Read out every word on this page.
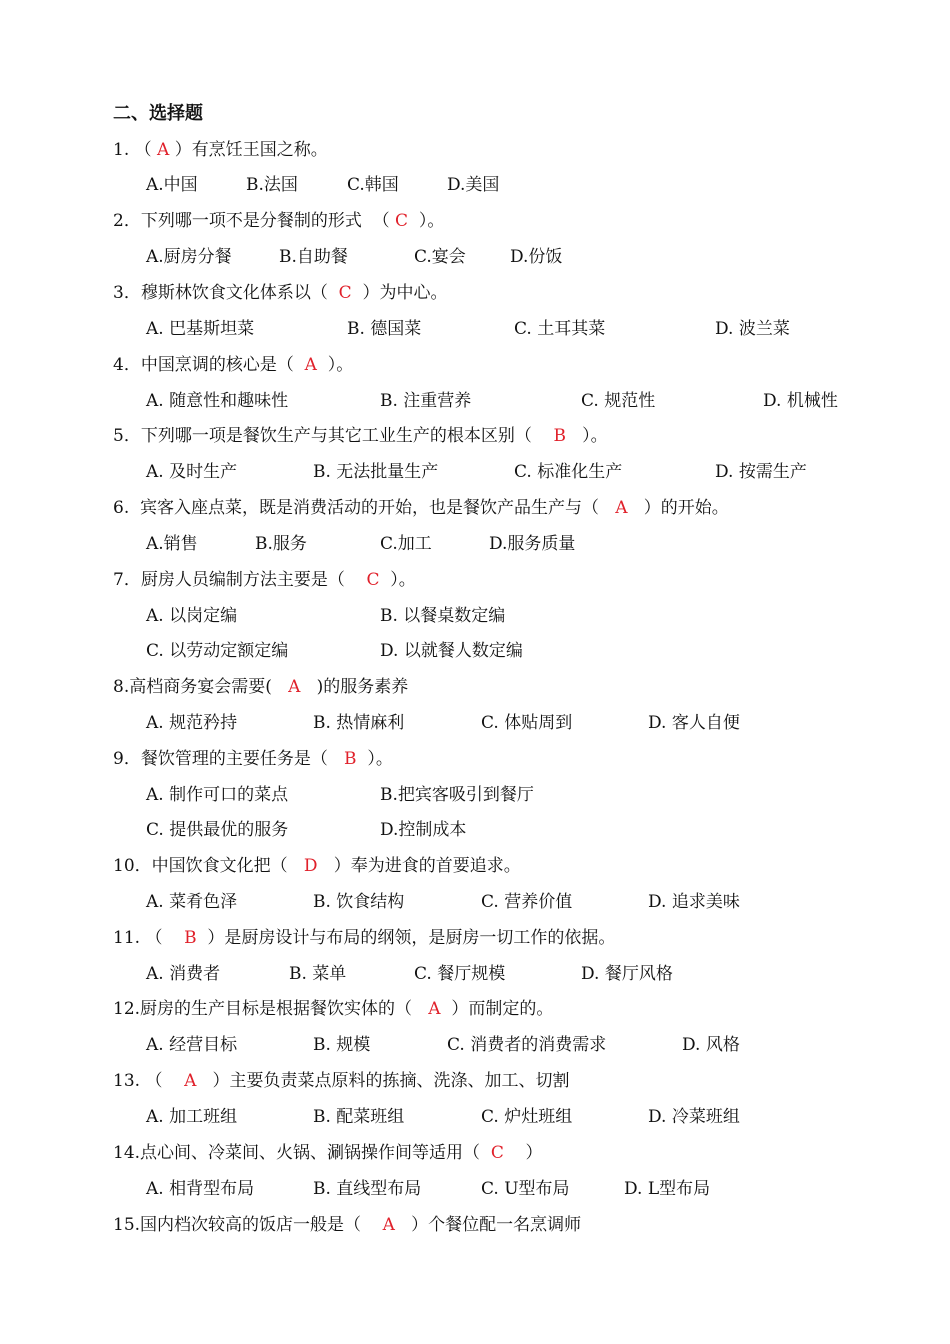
二、选择题
1. （ A ）有烹饪王国之称。
A.中国	B.法国	C.韩国	D.美国
2．下列哪一项不是分餐制的形式  （ C  ）。
A.厨房分餐	B.自助餐	C.宴会	D.份饭
3．穆斯林饮食文化体系以（  C  ）为中心。
A. 巴基斯坦菜	B. 德国菜	C. 土耳其菜	D. 波兰菜
4．中国烹调的核心是（  A  ）。
A. 随意性和趣味性	B. 注重营养	C. 规范性	D. 机械性
5．下列哪一项是餐饮生产与其它工业生产的根本区别（    B   ）。
A. 及时生产	B. 无法批量生产	C. 标准化生产	D. 按需生产
6.  宾客入座点菜，既是消费活动的开始，也是餐饮产品生产与（   A   ）的开始。
A.销售	B.服务	C.加工	D.服务质量
7．厨房人员编制方法主要是（    C  ）。
A. 以岗定编	B. 以餐桌数定编
C. 以劳动定额定编	D. 以就餐人数定编
8.高档商务宴会需要(   A   )的服务素养
A. 规范矜持	B. 热情麻利	C. 体贴周到	D. 客人自便
9．餐饮管理的主要任务是（   B  ）。
A. 制作可口的菜点	B.把宾客吸引到餐厅
C. 提供最优的服务	D.控制成本
10．中国饮食文化把（   D   ）奉为进食的首要追求。
A. 菜肴色泽	B. 饮食结构	C. 营养价值	D. 追求美味
11. （    B  ）是厨房设计与布局的纲领，是厨房一切工作的依据。
A. 消费者	B. 菜单	C. 餐厅规模	D. 餐厅风格
12.厨房的生产目标是根据餐饮实体的（   A  ）而制定的。
A. 经营目标	B. 规模	C. 消费者的消费需求	D. 风格
13. （    A   ）主要负责菜点原料的拣摘、洗涤、加工、切割
A. 加工班组	B. 配菜班组	C. 炉灶班组	D. 冷菜班组
14.点心间、冷菜间、火锅、涮锅操作间等适用（  C    ）
A. 相背型布局	B. 直线型布局	C. U型布局	D. L型布局
15.国内档次较高的饭店一般是（    A   ）个餐位配一名烹调师
